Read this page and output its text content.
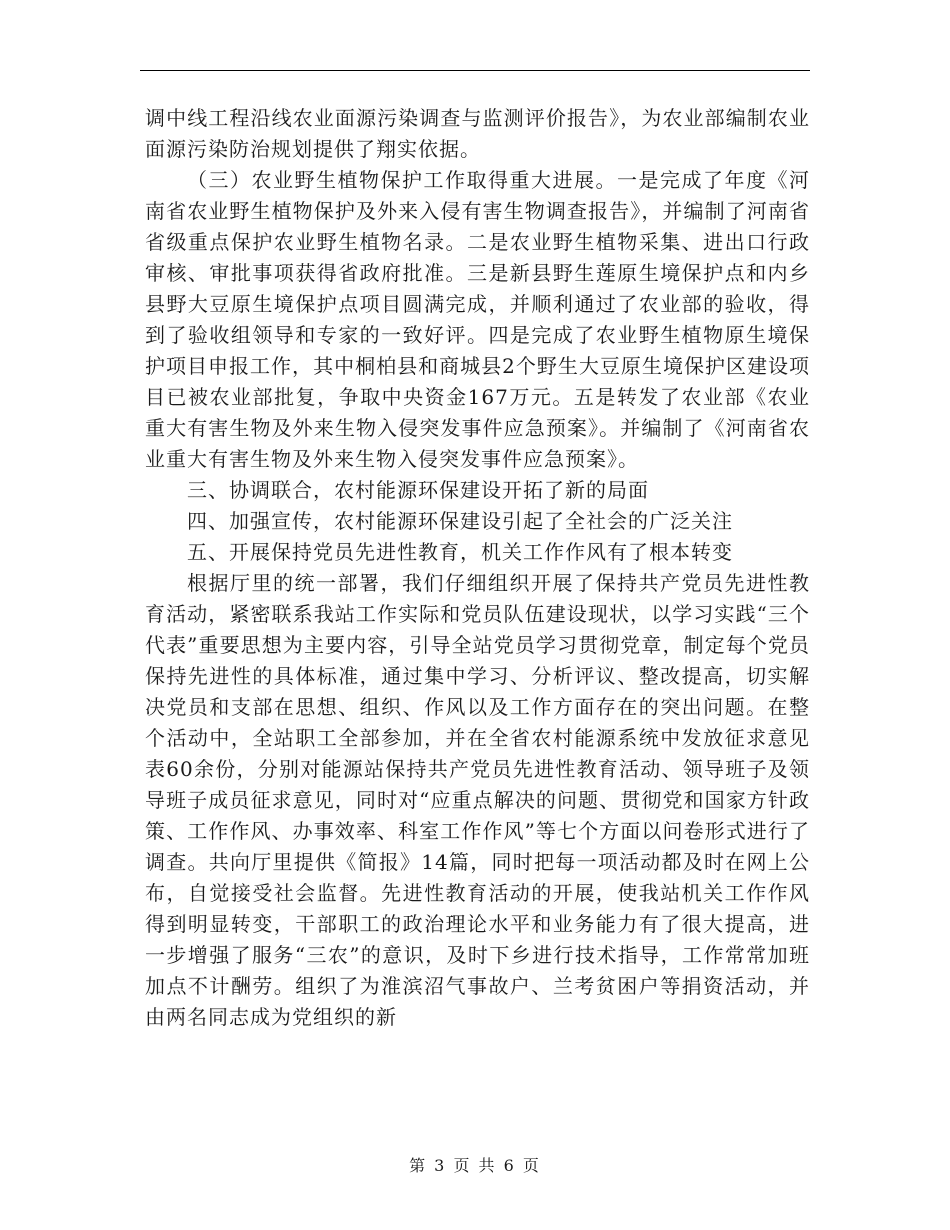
调中线工程沿线农业面源污染调查与监测评价报告》，为农业部编制农业面源污染防治规划提供了翔实依据。

（三）农业野生植物保护工作取得重大进展。一是完成了年度《河南省农业野生植物保护及外来入侵有害生物调查报告》，并编制了河南省省级重点保护农业野生植物名录。二是农业野生植物采集、进出口行政审核、审批事项获得省政府批准。三是新县野生莲原生境保护点和内乡县野大豆原生境保护点项目圆满完成，并顺利通过了农业部的验收，得到了验收组领导和专家的一致好评。四是完成了农业野生植物原生境保护项目申报工作，其中桐柏县和商城县2个野生大豆原生境保护区建设项目已被农业部批复，争取中央资金167万元。五是转发了农业部《农业重大有害生物及外来生物入侵突发事件应急预案》。并编制了《河南省农业重大有害生物及外来生物入侵突发事件应急预案》。

三、协调联合，农村能源环保建设开拓了新的局面

四、加强宣传，农村能源环保建设引起了全社会的广泛关注

五、开展保持党员先进性教育，机关工作作风有了根本转变

根据厅里的统一部署，我们仔细组织开展了保持共产党员先进性教育活动，紧密联系我站工作实际和党员队伍建设现状，以学习实践“三个代表”重要思想为主要内容，引导全站党员学习贯彻党章，制定每个党员保持先进性的具体标准，通过集中学习、分析评议、整改提高，切实解决党员和支部在思想、组织、作风以及工作方面存在的突出问题。在整个活动中，全站职工全部参加，并在全省农村能源系统中发放征求意见表60余份，分别对能源站保持共产党员先进性教育活动、领导班子及领导班子成员征求意见，同时对“应重点解决的问题、贯彻党和国家方针政策、工作作风、办事效率、科室工作作风”等七个方面以问卷形式进行了调查。共向厅里提供《简报》14篇，同时把每一项活动都及时在网上公布，自觉接受社会监督。先进性教育活动的开展，使我站机关工作作风得到明显转变，干部职工的政治理论水平和业务能力有了很大提高，进一步增强了服务“三农”的意识，及时下乡进行技术指导，工作常常加班加点不计酬劳。组织了为淮滨沼气事故户、兰考贫困户等捐资活动，并由两名同志成为党组织的新

第 3 页 共 6 页
